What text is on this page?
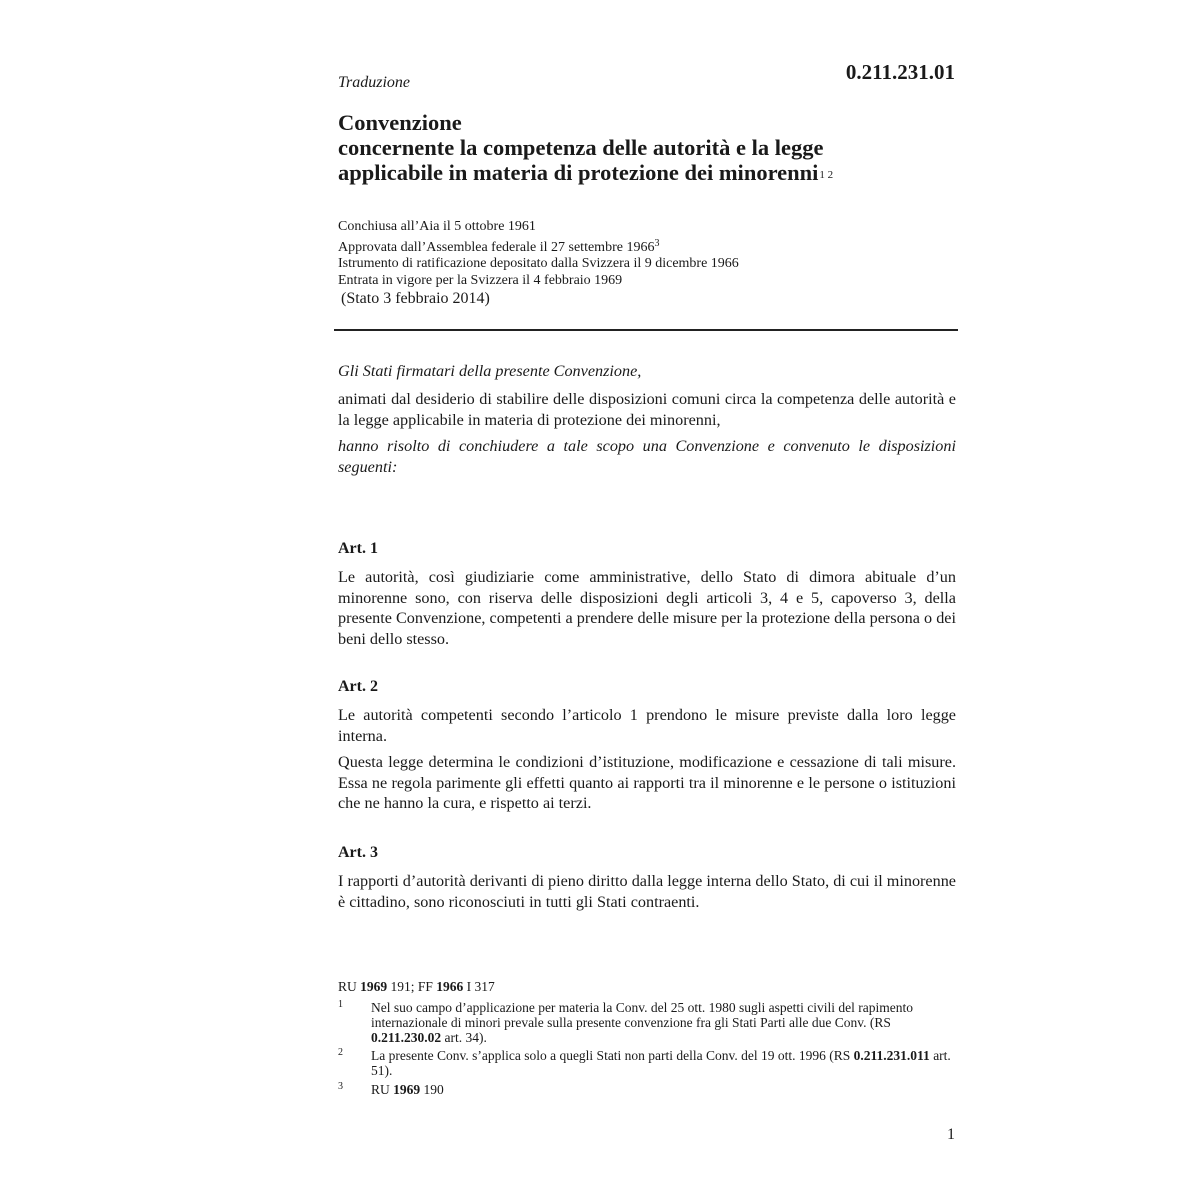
0.211.231.01
Traduzione
Convenzione
concernente la competenza delle autorità e la legge
applicabile in materia di protezione dei minorenni1 2
Conchiusa all’Aia il 5 ottobre 1961
Approvata dall’Assemblea federale il 27 settembre 1966$^3$
Istrumento di ratificazione depositato dalla Svizzera il 9 dicembre 1966
Entrata in vigore per la Svizzera il 4 febbraio 1969
(Stato 3 febbraio 2014)

Gli Stati firmatari della presente Convenzione,

animati dal desiderio di stabilire delle disposizioni comuni circa la competenza delle autorità e la legge applicabile in materia di protezione dei minorenni,

hanno risolto di conchiudere a tale scopo una Convenzione e convenuto le disposizioni seguenti:

Art. 1

Le autorità, così giudiziarie come amministrative, dello Stato di dimora abituale d’un minorenne sono, con riserva delle disposizioni degli articoli 3, 4 e 5, capoverso 3, della presente Convenzione, competenti a prendere delle misure per la protezione della persona o dei beni dello stesso.

Art. 2

Le autorità competenti secondo l’articolo 1 prendono le misure previste dalla loro legge interna.

Questa legge determina le condizioni d’istituzione, modificazione e cessazione di tali misure. Essa ne regola parimente gli effetti quanto ai rapporti tra il minorenne e le persone o istituzioni che ne hanno la cura, e rispetto ai terzi.

Art. 3

I rapporti d’autorità derivanti di pieno diritto dalla legge interna dello Stato, di cui il minorenne è cittadino, sono riconosciuti in tutti gli Stati contraenti.

RU 1969 191; FF 1966 I 317
1 Nel suo campo d’applicazione per materia la Conv. del 25 ott. 1980 sugli aspetti civili del rapimento internazionale di minori prevale sulla presente convenzione fra gli Stati Parti alle due Conv. (RS 0.211.230.02 art. 34).
2 La presente Conv. s’applica solo a quegli Stati non parti della Conv. del 19 ott. 1996 (RS 0.211.231.011 art. 51).
3 RU 1969 190
1
